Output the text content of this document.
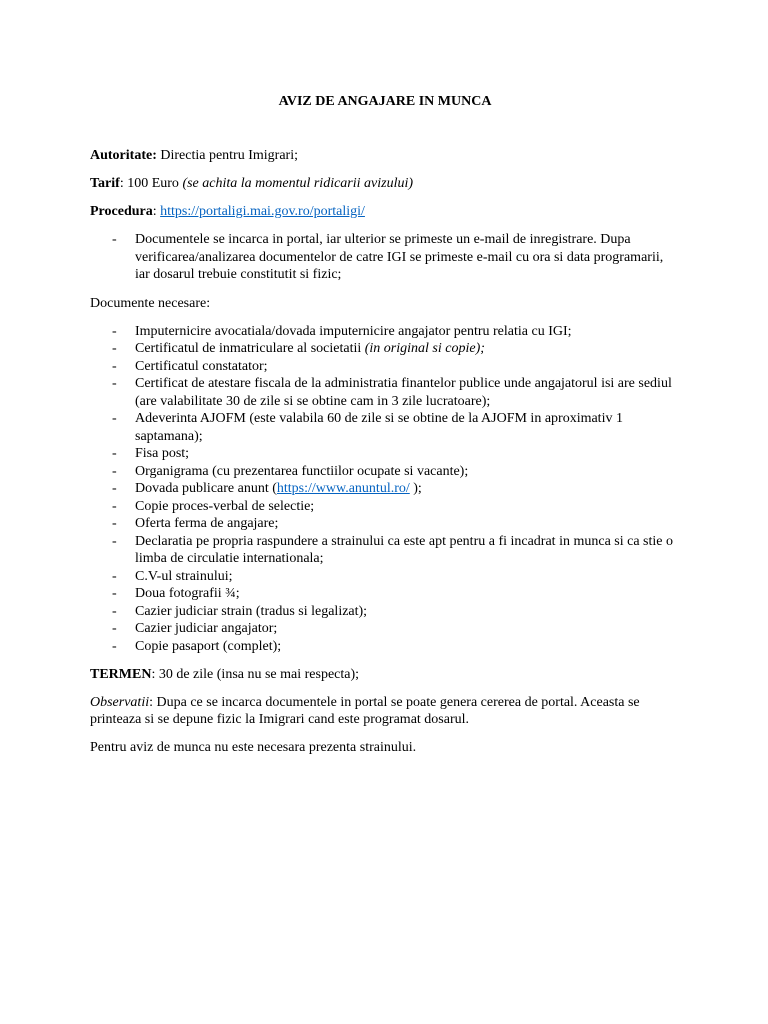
AVIZ DE ANGAJARE IN MUNCA

Autoritate: Directia pentru Imigrari;

Tarif: 100 Euro (se achita la momentul ridicarii avizului)

Procedura: https://portaligi.mai.gov.ro/portaligi/

- Documentele se incarca in portal, iar ulterior se primeste un e-mail de inregistrare. Dupa verificarea/analizarea documentelor de catre IGI se primeste e-mail cu ora si data programarii, iar dosarul trebuie constitutit si fizic;

Documente necesare:

- Imputernicire avocatiala/dovada imputernicire angajator pentru relatia cu IGI;
- Certificatul de inmatriculare al societatii (in original si copie);
- Certificatul constatator;
- Certificat de atestare fiscala de la administratia finantelor publice unde angajatorul isi are sediul (are valabilitate 30 de zile si se obtine cam in 3 zile lucratoare);
- Adeverinta AJOFM (este valabila 60 de zile si se obtine de la AJOFM in aproximativ 1 saptamana);
- Fisa post;
- Organigrama (cu prezentarea functiilor ocupate si vacante);
- Dovada publicare anunt (https://www.anuntul.ro/ );
- Copie proces-verbal de selectie;
- Oferta ferma de angajare;
- Declaratia pe propria raspundere a strainului ca este apt pentru a fi incadrat in munca si ca stie o limba de circulatie internationala;
- C.V-ul strainului;
- Doua fotografii ¾;
- Cazier judiciar strain (tradus si legalizat);
- Cazier judiciar angajator;
- Copie pasaport (complet);

TERMEN: 30 de zile (insa nu se mai respecta);

Observatii: Dupa ce se incarca documentele in portal se poate genera cererea de portal. Aceasta se printeaza si se depune fizic la Imigrari cand este programat dosarul.

Pentru aviz de munca nu este necesara prezenta strainului.
